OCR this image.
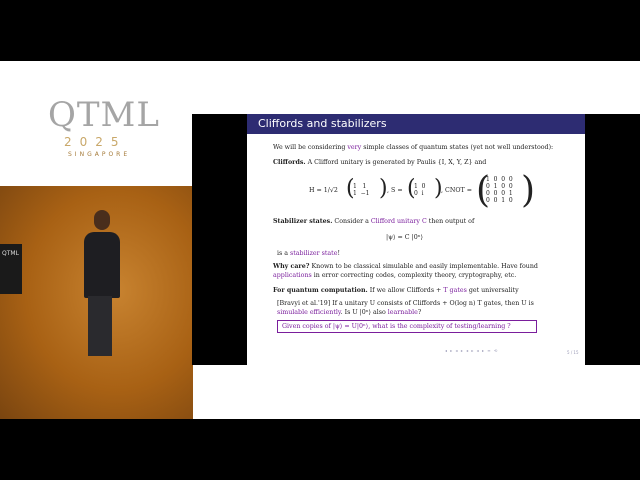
QTML
2025
SINGAPORE
QTML
Cliffords and stabilizers
We will be considering very simple classes of quantum states (yet not well understood):
Cliffords. A Clifford unitary is generated by Paulis {I, X, Y, Z} and
H = 1/√2 (
1   1
1  −1 ) , S = (
1  0
0  i )
, CNOT = (
1  0  0  0
0  1  0  0
0  0  0  1
0  0  1  0 )
Stabilizer states. Consider a Clifford unitary C then output of
|ψ⟩ = C |0ⁿ⟩
is a stabilizer state!
Why care? Known to be classical simulable and easily implementable. Have found
applications in error correcting codes, complexity theory, cryptography, etc.
For quantum computation. If we allow Cliffords + T gates get universality
[Bravyi et al.'19] If a unitary U consists of Cliffords + O(log n) T gates, then U is
simulable efficiently. Is U |0ⁿ⟩ also learnable?
Given copies of |ψ⟩ = U|0ⁿ⟩, what is the complexity of testing/learning ?
◂ ▸ ◂ ▸ ◂ ▸ ◂ ▸ ≡ ⟲	5 / 15
